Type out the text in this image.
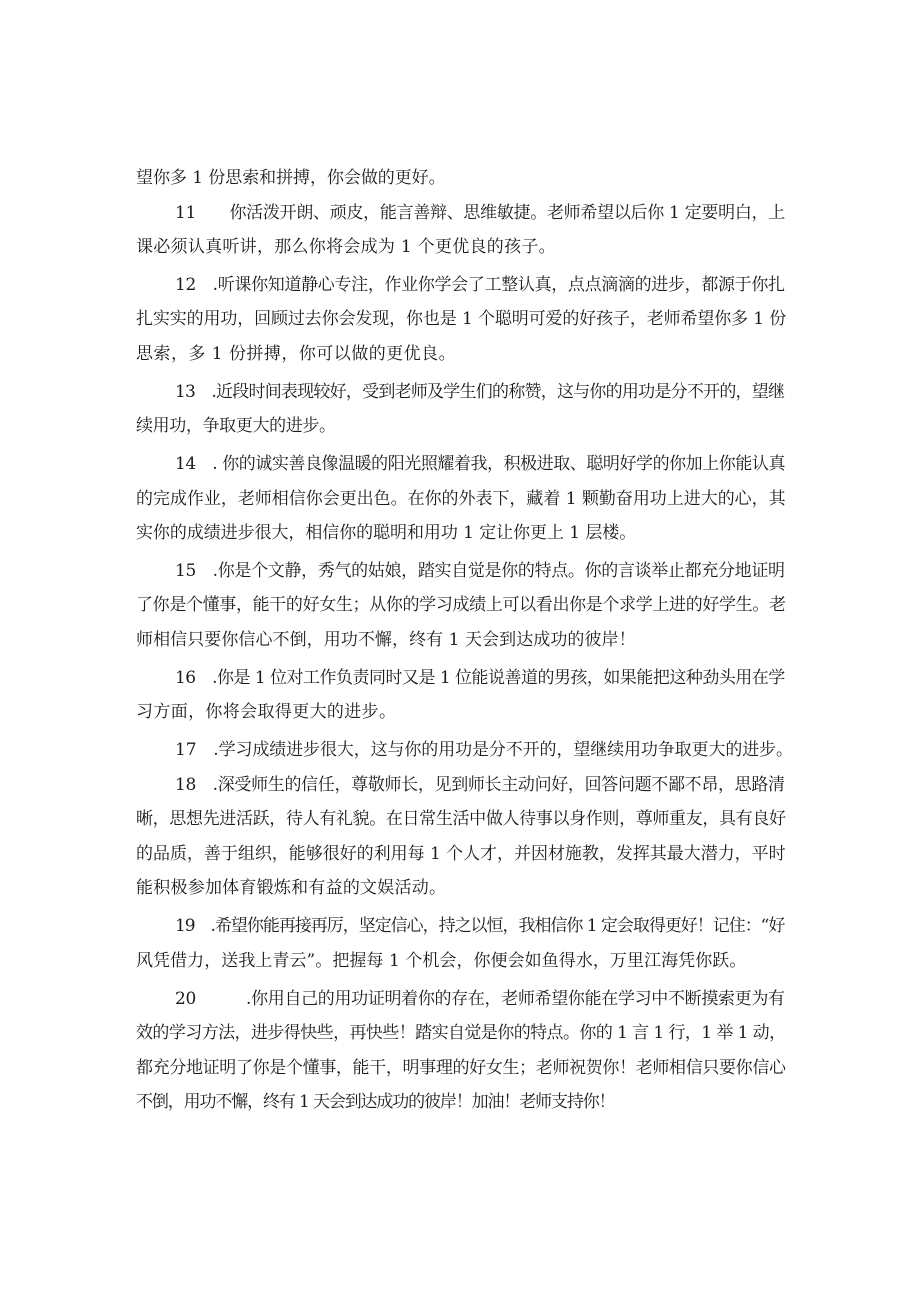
望你多 1 份思索和拼搏，你会做的更好。

11　　你活泼开朗、顽皮，能言善辩、思维敏捷。老师希望以后你 1 定要明白，上

课必须认真听讲，那么你将会成为 1 个更优良的孩子。

12　.听课你知道静心专注，作业你学会了工整认真，点点滴滴的进步，都源于你扎

扎实实的用功，回顾过去你会发现，你也是 1 个聪明可爱的好孩子，老师希望你多 1 份

思索，多 1 份拼搏，你可以做的更优良。

13　.近段时间表现较好，受到老师及学生们的称赞，这与你的用功是分不开的，望继

续用功，争取更大的进步。

14　. 你的诚实善良像温暖的阳光照耀着我，积极进取、聪明好学的你加上你能认真

的完成作业，老师相信你会更出色。在你的外表下，藏着 1 颗勤奋用功上进大的心，其

实你的成绩进步很大，相信你的聪明和用功 1 定让你更上 1 层楼。

15　.你是个文静，秀气的姑娘，踏实自觉是你的特点。你的言谈举止都充分地证明

了你是个懂事，能干的好女生；从你的学习成绩上可以看出你是个求学上进的好学生。老

师相信只要你信心不倒，用功不懈，终有 1 天会到达成功的彼岸！

16　.你是 1 位对工作负责同时又是 1 位能说善道的男孩，如果能把这种劲头用在学

习方面，你将会取得更大的进步。

17　.学习成绩进步很大，这与你的用功是分不开的，望继续用功争取更大的进步。

18　.深受师生的信任，尊敬师长，见到师长主动问好，回答问题不鄙不昂，思路清

晰，思想先进活跃，待人有礼貌。在日常生活中做人待事以身作则，尊师重友，具有良好

的品质，善于组织，能够很好的利用每 1 个人才，并因材施教，发挥其最大潜力，平时

能积极参加体育锻炼和有益的文娱活动。

19　.希望你能再接再厉，坚定信心，持之以恒，我相信你 1 定会取得更好！记住：“好

风凭借力，送我上青云”。把握每 1 个机会，你便会如鱼得水，万里江海凭你跃。

20　　　.你用自己的用功证明着你的存在，老师希望你能在学习中不断摸索更为有

效的学习方法，进步得快些，再快些！踏实自觉是你的特点。你的 1 言 1 行，1 举 1 动，

都充分地证明了你是个懂事，能干，明事理的好女生；老师祝贺你！老师相信只要你信心

不倒，用功不懈，终有 1 天会到达成功的彼岸！加油！老师支持你！
